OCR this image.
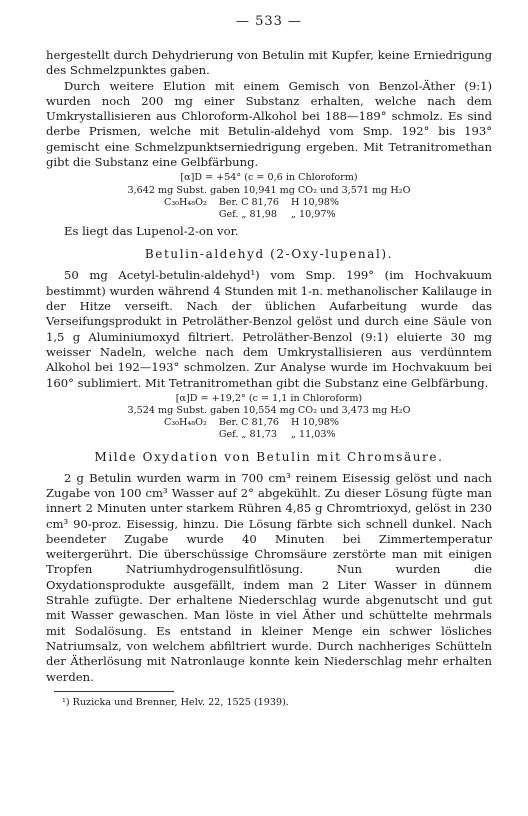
— 533 —

hergestellt durch Dehydrierung von Betulin mit Kupfer, keine Erniedrigung des Schmelzpunktes gaben.

Durch weitere Elution mit einem Gemisch von Benzol-Äther (9:1) wurden noch 200 mg einer Substanz erhalten, welche nach dem Umkrystallisieren aus Chloroform-Alkohol bei 188—189° schmolz. Es sind derbe Prismen, welche mit Betulin-aldehyd vom Smp. 192° bis 193° gemischt eine Schmelzpunktserniedrigung ergeben. Mit Tetranitromethan gibt die Substanz eine Gelbfärbung.

[α]D = +54° (c = 0,6 in Chloroform)
3,642 mg Subst. gaben 10,941 mg CO₂ und 3,571 mg H₂O
C₃₀H₄₈O₂	Ber. C 81,76	H 10,98%
	Gef. „ 81,98	„ 10,97%

Es liegt das Lupenol-2-on vor.

Betulin-aldehyd (2-Oxy-lupenal).

50 mg Acetyl-betulin-aldehyd¹) vom Smp. 199° (im Hochvakuum bestimmt) wurden während 4 Stunden mit 1-n. methanolischer Kalilauge in der Hitze verseift. Nach der üblichen Aufarbeitung wurde das Verseifungsprodukt in Petroläther-Benzol gelöst und durch eine Säule von 1,5 g Aluminiumoxyd filtriert. Petroläther-Benzol (9:1) eluierte 30 mg weisser Nadeln, welche nach dem Umkrystallisieren aus verdünntem Alkohol bei 192—193° schmolzen. Zur Analyse wurde im Hochvakuum bei 160° sublimiert. Mit Tetranitromethan gibt die Substanz eine Gelbfärbung.

[α]D = +19,2° (c = 1,1 in Chloroform)
3,524 mg Subst. gaben 10,554 mg CO₂ und 3,473 mg H₂O
C₃₀H₄₈O₂	Ber. C 81,76	H 10,98%
	Gef. „ 81,73	„ 11,03%
Milde Oxydation von Betulin mit Chromsäure.

2 g Betulin wurden warm in 700 cm³ reinem Eisessig gelöst und nach Zugabe von 100 cm³ Wasser auf 2° abgekühlt. Zu dieser Lösung fügte man innert 2 Minuten unter starkem Rühren 4,85 g Chromtrioxyd, gelöst in 230 cm³ 90-proz. Eisessig, hinzu. Die Lösung färbte sich schnell dunkel. Nach beendeter Zugabe wurde 40 Minuten bei Zimmertemperatur weitergerührt. Die überschüssige Chromsäure zerstörte man mit einigen Tropfen Natriumhydrogensulfitlösung. Nun wurden die Oxydationsprodukte ausgefällt, indem man 2 Liter Wasser in dünnem Strahle zufügte. Der erhaltene Niederschlag wurde abgenutscht und gut mit Wasser gewaschen. Man löste in viel Äther und schüttelte mehrmals mit Sodalösung. Es entstand in kleiner Menge ein schwer lösliches Natriumsalz, von welchem abfiltriert wurde. Durch nachheriges Schütteln der Ätherlösung mit Natronlauge konnte kein Niederschlag mehr erhalten werden.

¹) Ruzicka und Brenner, Helv. 22, 1525 (1939).
